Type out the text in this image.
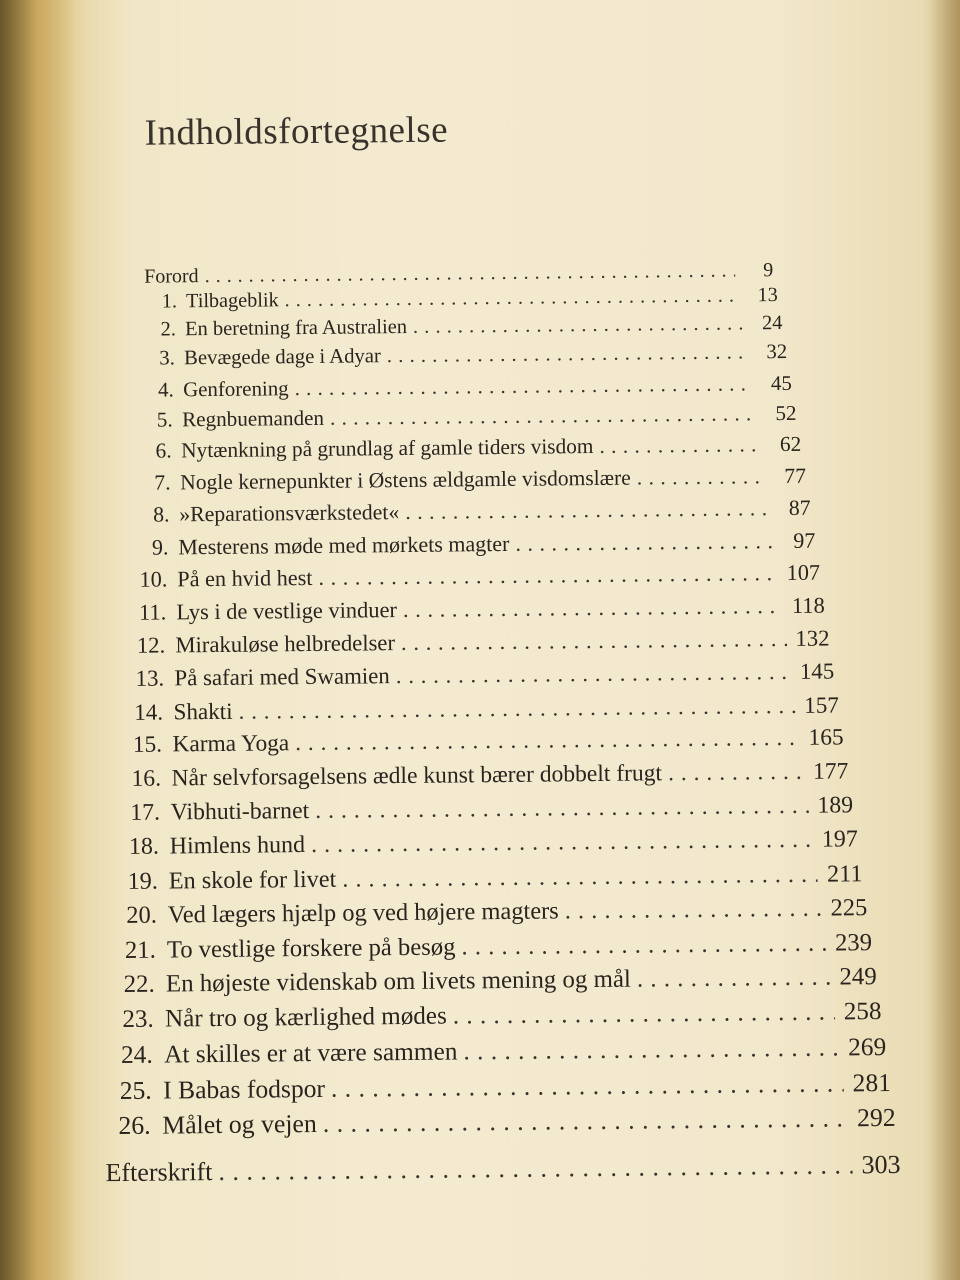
Indholdsfortegnelse
Forord . . .	9
1. Tilbageblik . . .	13
2. En beretning fra Australien . . .	24
3. Bevægede dage i Adyar . . .	32
4. Genforening . . .	45
5. Regnbuemanden . . .	52
6. Nytænkning på grundlag af gamle tiders visdom . . .	62
7. Nogle kernepunkter i Østens ældgamle visdomslære . . .	77
8. »Reparationsværkstedet« . . .	87
9. Mesterens møde med mørkets magter . . .	97
10. På en hvid hest . . .	107
11. Lys i de vestlige vinduer . . .	118
12. Mirakuløse helbredelser . . .	132
13. På safari med Swamien . . .	145
14. Shakti . . .	157
15. Karma Yoga . . .	165
16. Når selvforsagelsens ædle kunst bærer dobbelt frugt . . .	177
17. Vibhuti-barnet . . .	189
18. Himlens hund . . .	197
19. En skole for livet . . .	211
20. Ved lægers hjælp og ved højere magters . . .	225
21. To vestlige forskere på besøg . . .	239
22. En højeste videnskab om livets mening og mål . . .	249
23. Når tro og kærlighed mødes . . .	258
24. At skilles er at være sammen . . .	269
25. I Babas fodspor . . .	281
26. Målet og vejen . . .	292
Efterskrift . . .	303
